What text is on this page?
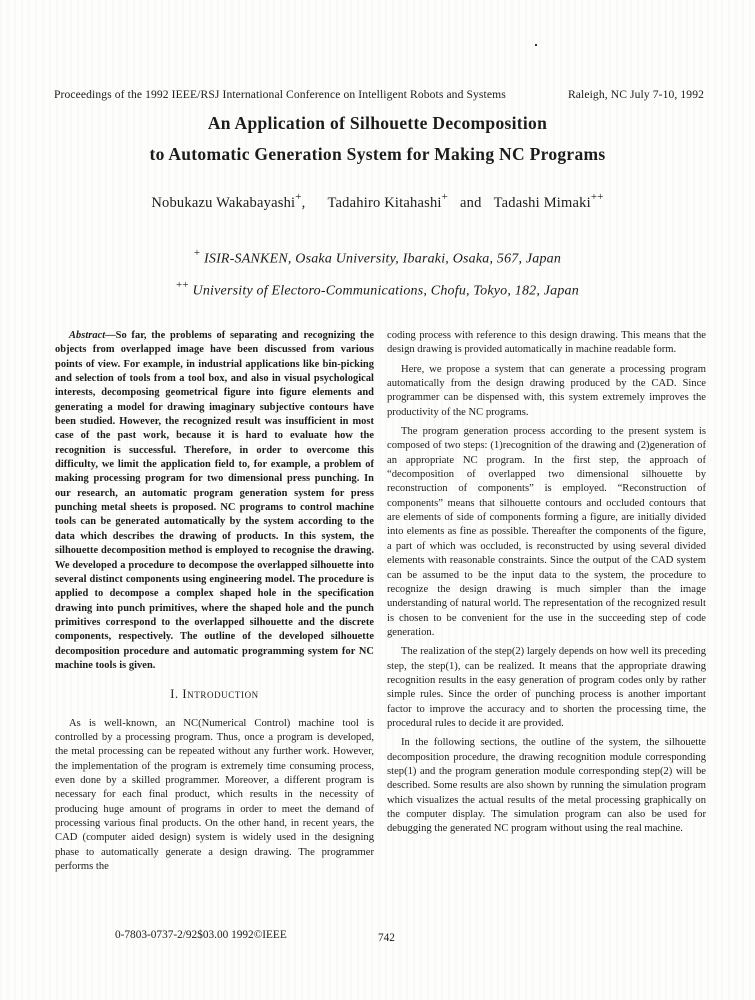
Proceedings of the 1992 IEEE/RSJ International Conference on Intelligent Robots and Systems	Raleigh, NC July 7-10, 1992
An Application of Silhouette Decomposition
to Automatic Generation System for Making NC Programs
Nobukazu Wakabayashi+, Tadahiro Kitahashi+ and Tadashi Mimaki++
+ ISIR-SANKEN, Osaka University, Ibaraki, Osaka, 567, Japan
++ University of Electoro-Communications, Chofu, Tokyo, 182, Japan

Abstract—So far, the problems of separating and recognizing the objects from overlapped image have been discussed from various points of view. For example, in industrial applications like bin-picking and selection of tools from a tool box, and also in visual psychological interests, decomposing geometrical figure into figure elements and generating a model for drawing imaginary subjective contours have been studied. However, the recognized result was insufficient in most case of the past work, because it is hard to evaluate how the recognition is successful. Therefore, in order to overcome this difficulty, we limit the application field to, for example, a problem of making processing program for two dimensional press punching. In our research, an automatic program generation system for press punching metal sheets is proposed. NC programs to control machine tools can be generated automatically by the system according to the data which describes the drawing of products. In this system, the silhouette decomposition method is employed to recognise the drawing. We developed a procedure to decompose the overlapped silhouette into several distinct components using engineering model. The procedure is applied to decompose a complex shaped hole in the specification drawing into punch primitives, where the shaped hole and the punch primitives correspond to the overlapped silhouette and the discrete components, respectively. The outline of the developed silhouette decomposition procedure and automatic programming system for NC machine tools is given.

I. Introduction

As is well-known, an NC(Numerical Control) machine tool is controlled by a processing program. Thus, once a program is developed, the metal processing can be repeated without any further work. However, the implementation of the program is extremely time consuming process, even done by a skilled programmer. Moreover, a different program is necessary for each final product, which results in the necessity of producing huge amount of programs in order to meet the demand of processing various final products. On the other hand, in recent years, the CAD (computer aided design) system is widely used in the designing phase to automatically generate a design drawing. The programmer performs the

coding process with reference to this design drawing. This means that the design drawing is provided automatically in machine readable form.

Here, we propose a system that can generate a processing program automatically from the design drawing produced by the CAD. Since programmer can be dispensed with, this system extremely improves the productivity of the NC programs.

The program generation process according to the present system is composed of two steps: (1)recognition of the drawing and (2)generation of an appropriate NC program. In the first step, the approach of “decomposition of overlapped two dimensional silhouette by reconstruction of components” is employed. “Reconstruction of components” means that silhouette contours and occluded contours that are elements of side of components forming a figure, are initially divided into elements as fine as possible. Thereafter the components of the figure, a part of which was occluded, is reconstructed by using several divided elements with reasonable constraints. Since the output of the CAD system can be assumed to be the input data to the system, the procedure to recognize the design drawing is much simpler than the image understanding of natural world. The representation of the recognized result is chosen to be convenient for the use in the succeeding step of code generation.

The realization of the step(2) largely depends on how well its preceding step, the step(1), can be realized. It means that the appropriate drawing recognition results in the easy generation of program codes only by rather simple rules. Since the order of punching process is another important factor to improve the accuracy and to shorten the processing time, the procedural rules to decide it are provided.

In the following sections, the outline of the system, the silhouette decomposition procedure, the drawing recognition module corresponding step(1) and the program generation module corresponding step(2) will be described. Some results are also shown by running the simulation program which visualizes the actual results of the metal processing graphically on the computer display. The simulation program can also be used for debugging the generated NC program without using the real machine.

0-7803-0737-2/92$03.00 1992©IEEE	742
